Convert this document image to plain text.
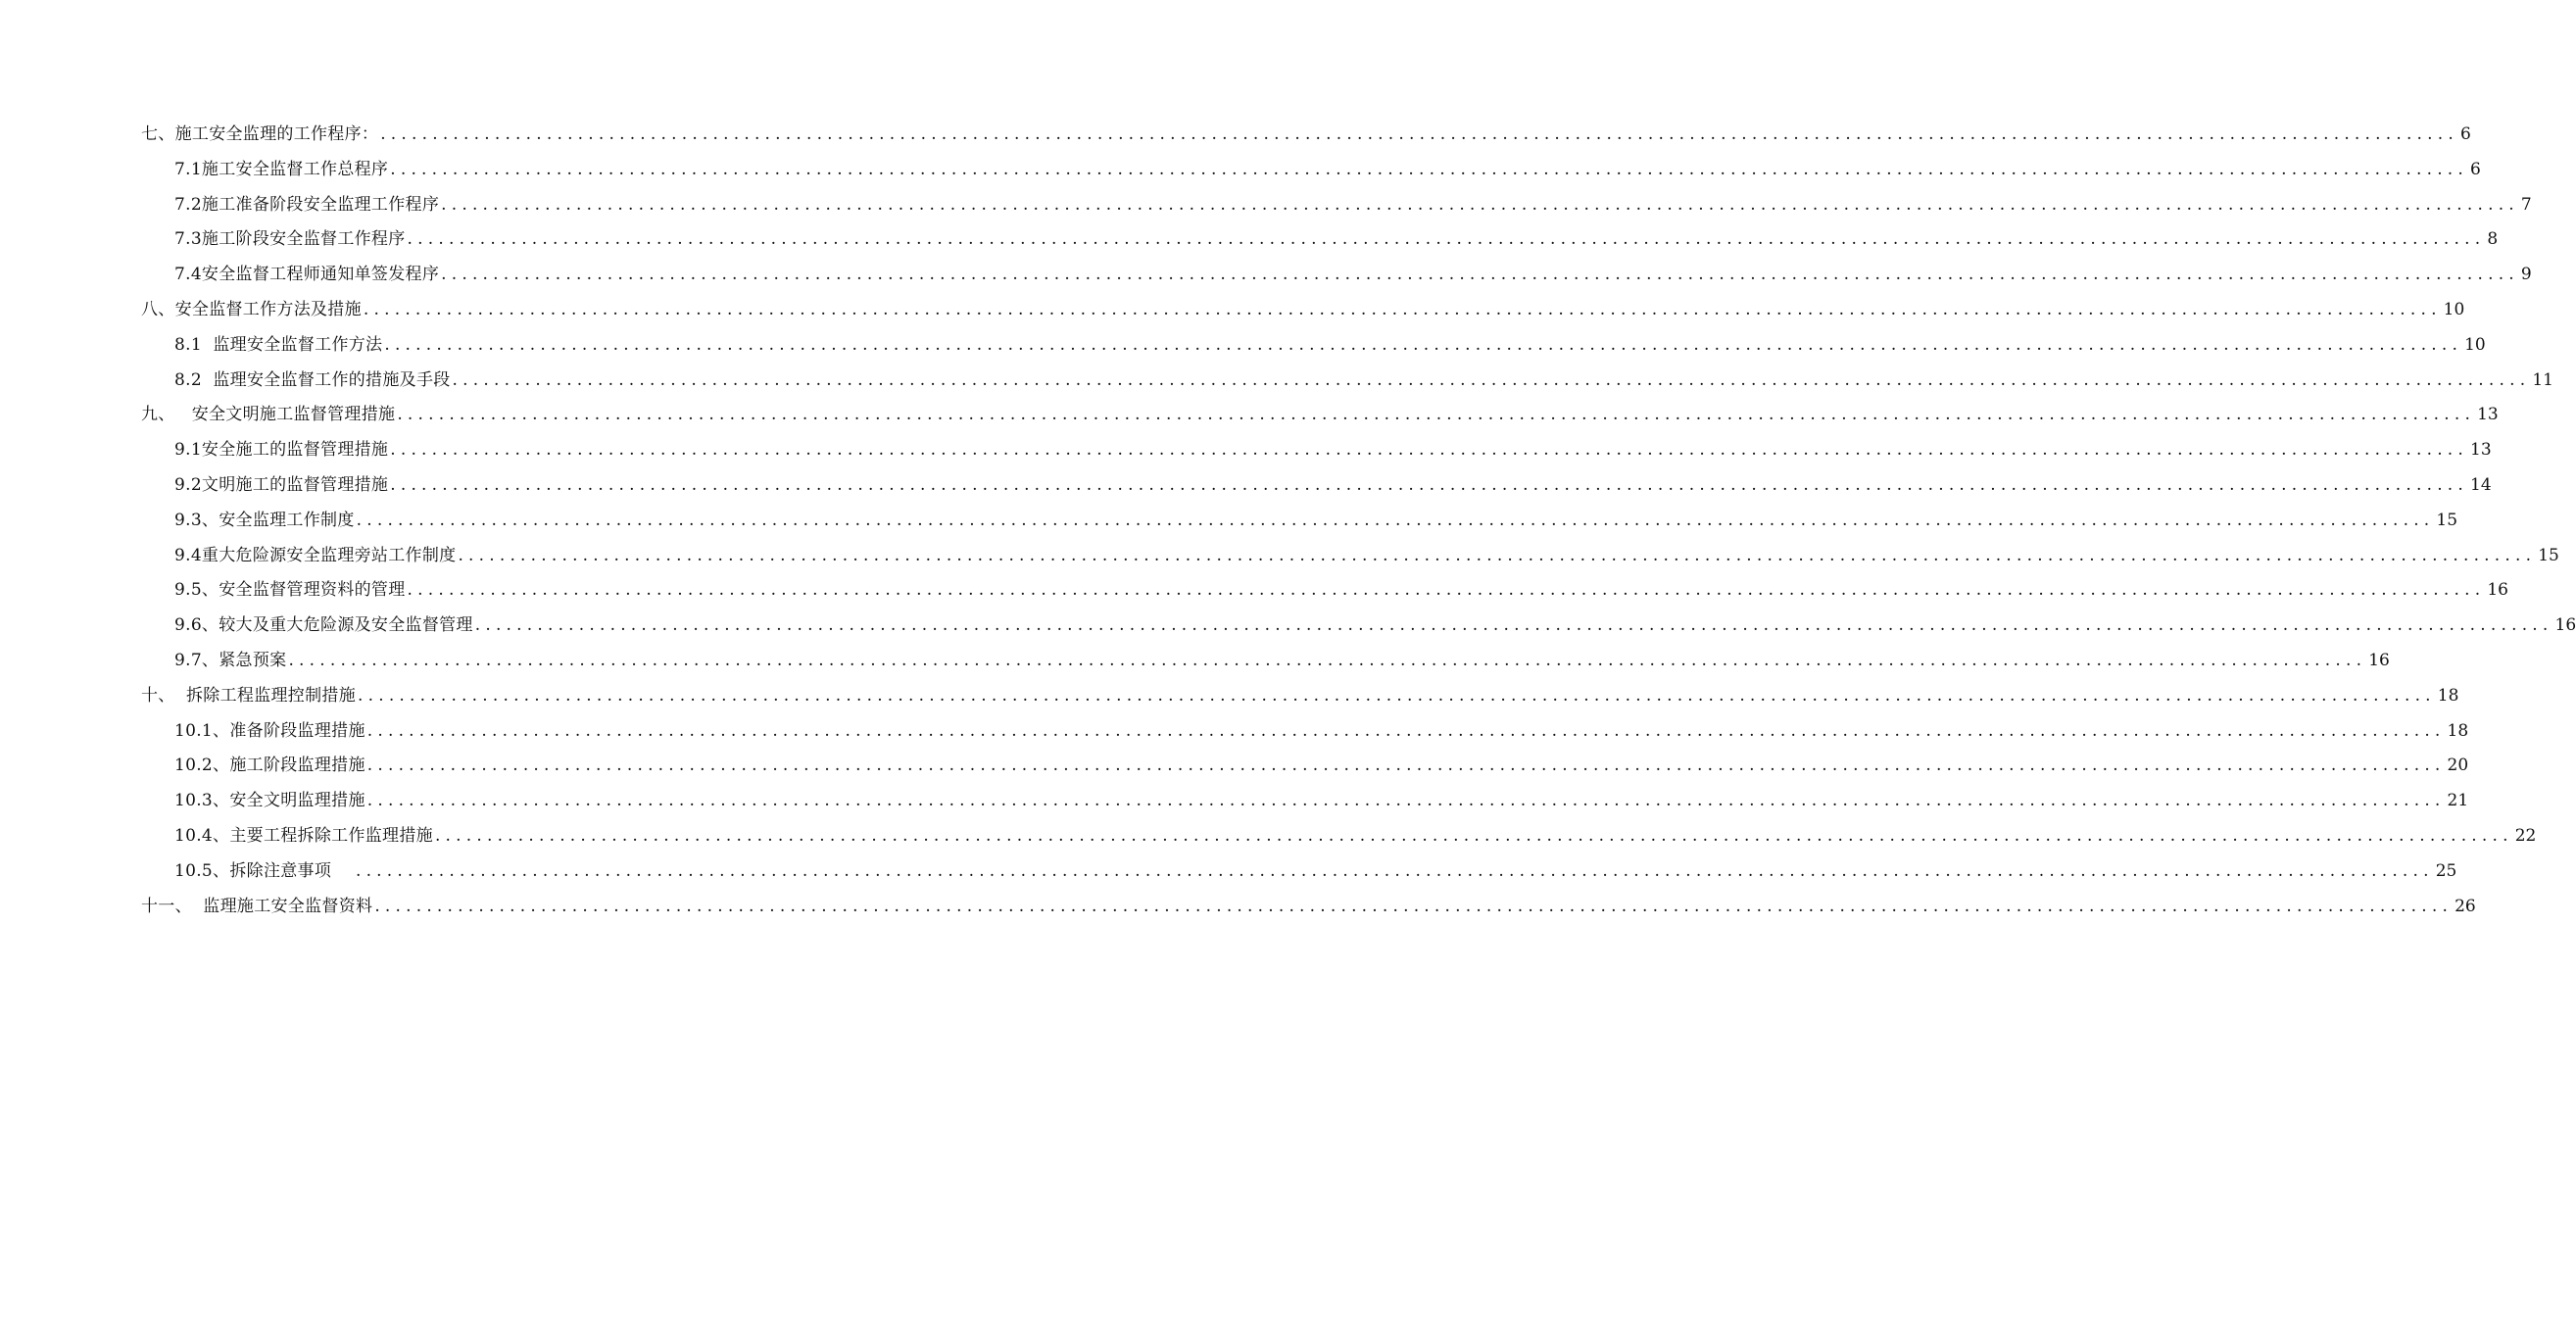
七、施工安全监理的工作程序： ........................................................................................................................................................................................................ 6
7.1施工安全监督工作总程序 ........................................................................................................................................................................................................ 6
7.2施工准备阶段安全监理工作程序 ........................................................................................................................................................................................................ 7
7.3施工阶段安全监督工作程序 ........................................................................................................................................................................................................ 8
7.4安全监督工程师通知单签发程序 ........................................................................................................................................................................................................ 9
八、安全监督工作方法及措施 ........................................................................................................................................................................................................ 10
8.1  监理安全监督工作方法 ........................................................................................................................................................................................................ 10
8.2  监理安全监督工作的措施及手段 ........................................................................................................................................................................................................ 11
九、   安全文明施工监督管理措施 ........................................................................................................................................................................................................ 13
9.1安全施工的监督管理措施 ........................................................................................................................................................................................................ 13
9.2文明施工的监督管理措施 ........................................................................................................................................................................................................ 14
9.3、安全监理工作制度 ........................................................................................................................................................................................................ 15
9.4重大危险源安全监理旁站工作制度 ........................................................................................................................................................................................................ 15
9.5、安全监督管理资料的管理 ........................................................................................................................................................................................................ 16
9.6、较大及重大危险源及安全监督管理 ........................................................................................................................................................................................................ 16
9.7、紧急预案 ........................................................................................................................................................................................................ 16
十、  拆除工程监理控制措施 ........................................................................................................................................................................................................ 18
10.1、准备阶段监理措施 ........................................................................................................................................................................................................ 18
10.2、施工阶段监理措施 ........................................................................................................................................................................................................ 20
10.3、安全文明监理措施 ........................................................................................................................................................................................................ 21
10.4、主要工程拆除工作监理措施 ........................................................................................................................................................................................................ 22
10.5、拆除注意事项 ........................................................................................................................................................................................................ 25
十一、  监理施工安全监督资料 ........................................................................................................................................................................................................ 26
